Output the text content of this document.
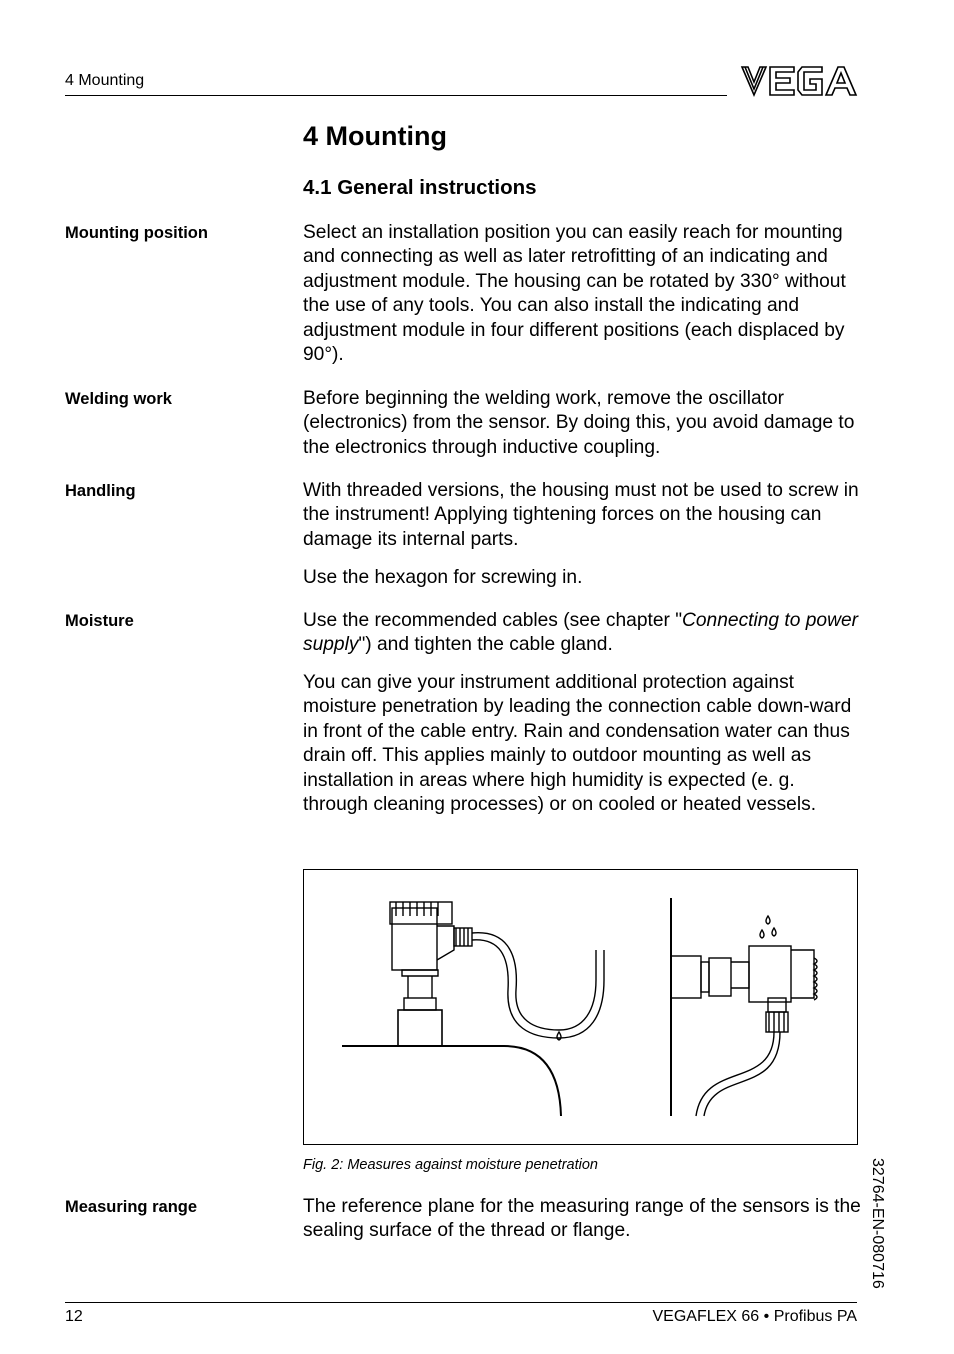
4 Mounting
4 Mounting
4.1 General instructions
Mounting position	Select an installation position you can easily reach for mounting and connecting as well as later retrofitting of an indicating and adjustment module. The housing can be rotated by 330° without the use of any tools. You can also install the indicating and adjustment module in four different positions (each displaced by 90°).

Welding work	Before beginning the welding work, remove the oscillator (electronics) from the sensor. By doing this, you avoid damage to the electronics through inductive coupling.

Handling	With threaded versions, the housing must not be used to screw in the instrument! Applying tightening forces on the housing can damage its internal parts.

Use the hexagon for screwing in.

Moisture	Use the recommended cables (see chapter "Connecting to power supply") and tighten the cable gland.

You can give your instrument additional protection against moisture penetration by leading the connection cable down-ward in front of the cable entry. Rain and condensation water can thus drain off. This applies mainly to outdoor mounting as well as installation in areas where high humidity is expected (e. g. through cleaning processes) or on cooled or heated vessels.

Fig. 2: Measures against moisture penetration
Measuring range	The reference plane for the measuring range of the sensors is the sealing surface of the thread or flange.	32764-EN-080716
12	VEGAFLEX 66 • Profibus PA
